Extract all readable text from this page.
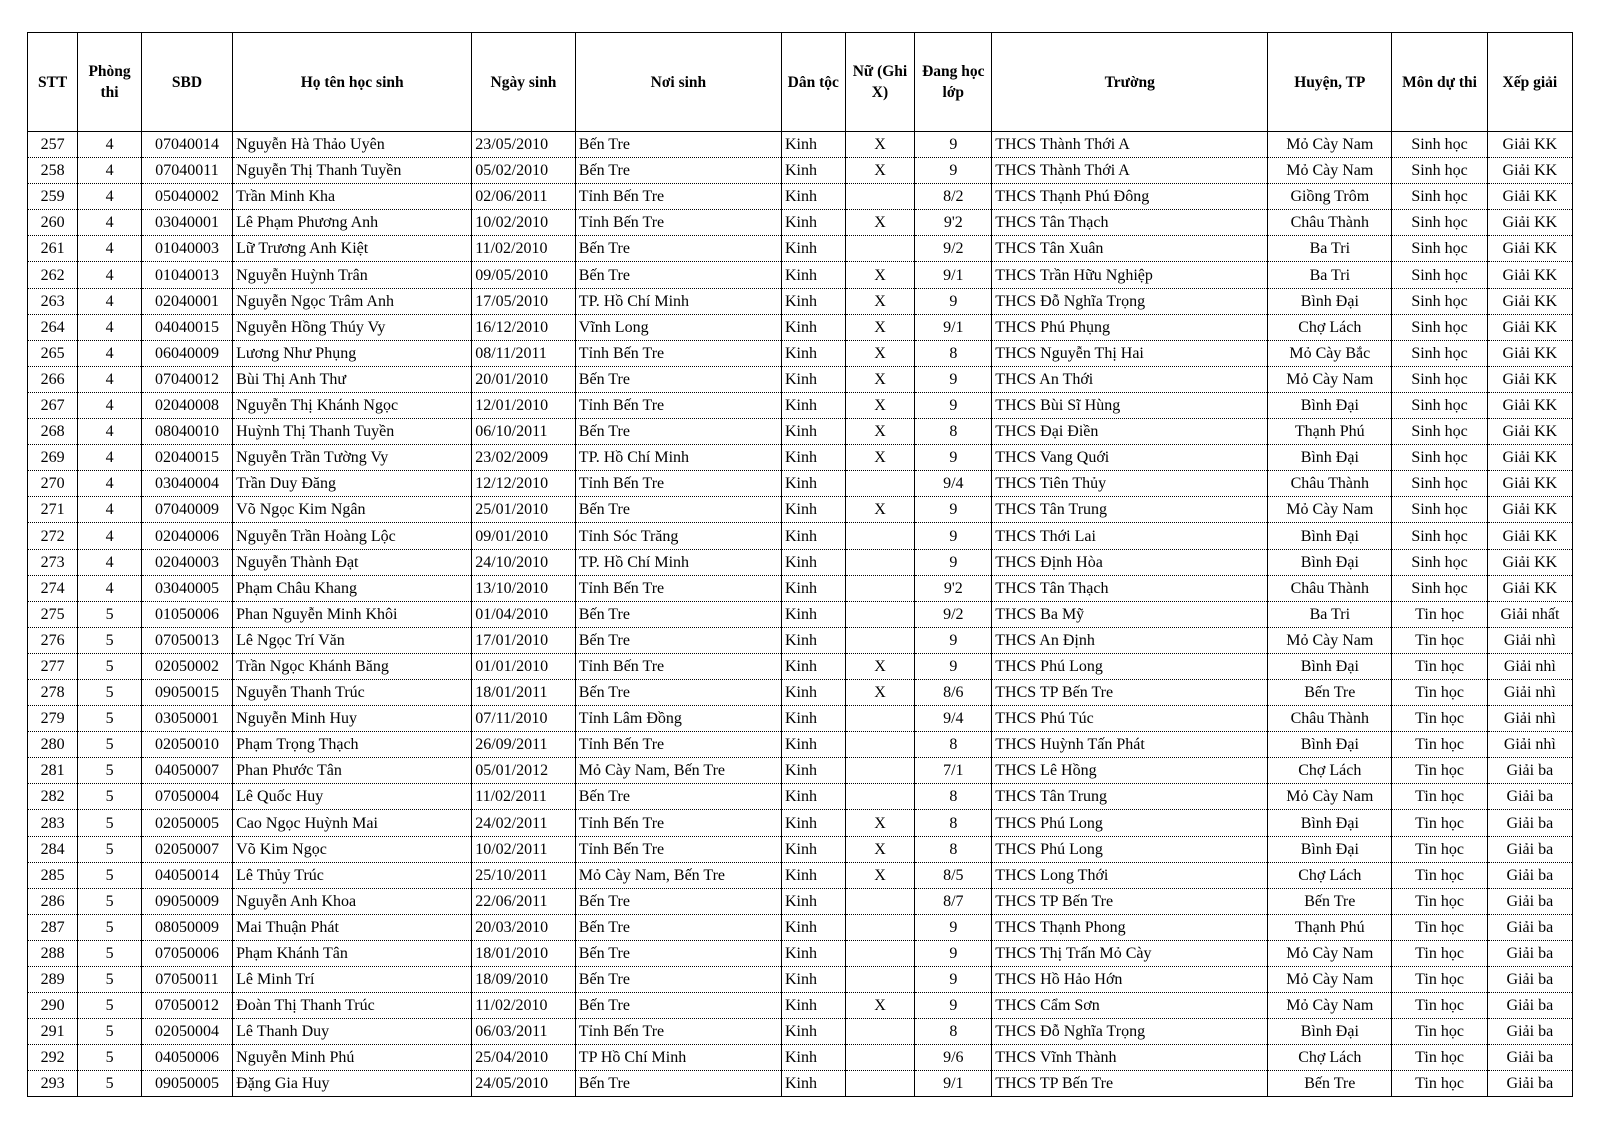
STT	Phòng thi	SBD	Họ tên học sinh	Ngày sinh	Nơi sinh	Dân tộc	Nữ (Ghi X)	Đang học lớp	Trường	Huyện, TP	Môn dự thi	Xếp giải
257	4	07040014	Nguyễn Hà Thảo Uyên	23/05/2010	Bến Tre	Kinh	X	9	THCS Thành Thới A	Mỏ Cày Nam	Sinh học	Giải KK
258	4	07040011	Nguyễn Thị Thanh Tuyền	05/02/2010	Bến Tre	Kinh	X	9	THCS Thành Thới A	Mỏ Cày Nam	Sinh học	Giải KK
259	4	05040002	Trần Minh Kha	02/06/2011	Tỉnh Bến Tre	Kinh		8/2	THCS Thạnh Phú Đông	Giồng Trôm	Sinh học	Giải KK
260	4	03040001	Lê Phạm Phương Anh	10/02/2010	Tỉnh Bến Tre	Kinh	X	9'2	THCS Tân Thạch	Châu Thành	Sinh học	Giải KK
261	4	01040003	Lữ Trương Anh Kiệt	11/02/2010	Bến Tre	Kinh		9/2	THCS Tân Xuân	Ba Tri	Sinh học	Giải KK
262	4	01040013	Nguyễn Huỳnh Trân	09/05/2010	Bến Tre	Kinh	X	9/1	THCS Trần Hữu Nghiệp	Ba Tri	Sinh học	Giải KK
263	4	02040001	Nguyễn Ngọc Trâm Anh	17/05/2010	TP. Hồ Chí Minh	Kinh	X	9	THCS Đỗ Nghĩa Trọng	Bình Đại	Sinh học	Giải KK
264	4	04040015	Nguyễn Hồng Thúy Vy	16/12/2010	Vĩnh Long	Kinh	X	9/1	THCS Phú Phụng	Chợ Lách	Sinh học	Giải KK
265	4	06040009	Lương Như Phụng	08/11/2011	Tỉnh Bến Tre	Kinh	X	8	THCS Nguyễn Thị Hai	Mỏ Cày Bắc	Sinh học	Giải KK
266	4	07040012	Bùi Thị Anh Thư	20/01/2010	Bến Tre	Kinh	X	9	THCS An Thới	Mỏ Cày Nam	Sinh học	Giải KK
267	4	02040008	Nguyễn Thị Khánh Ngọc	12/01/2010	Tỉnh Bến Tre	Kinh	X	9	THCS Bùi Sĩ Hùng	Bình Đại	Sinh học	Giải KK
268	4	08040010	Huỳnh Thị Thanh Tuyền	06/10/2011	Bến Tre	Kinh	X	8	THCS Đại Điền	Thạnh Phú	Sinh học	Giải KK
269	4	02040015	Nguyễn Trần Tường Vy	23/02/2009	TP. Hồ Chí Minh	Kinh	X	9	THCS Vang Quới	Bình Đại	Sinh học	Giải KK
270	4	03040004	Trần Duy Đăng	12/12/2010	Tỉnh Bến Tre	Kinh		9/4	THCS Tiên Thủy	Châu Thành	Sinh học	Giải KK
271	4	07040009	Võ Ngọc Kim Ngân	25/01/2010	Bến Tre	Kinh	X	9	THCS Tân Trung	Mỏ Cày Nam	Sinh học	Giải KK
272	4	02040006	Nguyễn Trần Hoàng Lộc	09/01/2010	Tỉnh Sóc Trăng	Kinh		9	THCS Thới Lai	Bình Đại	Sinh học	Giải KK
273	4	02040003	Nguyễn Thành Đạt	24/10/2010	TP. Hồ Chí Minh	Kinh		9	THCS Định Hòa	Bình Đại	Sinh học	Giải KK
274	4	03040005	Phạm Châu Khang	13/10/2010	Tỉnh Bến Tre	Kinh		9'2	THCS Tân Thạch	Châu Thành	Sinh học	Giải KK
275	5	01050006	Phan Nguyễn Minh Khôi	01/04/2010	Bến Tre	Kinh		9/2	THCS Ba Mỹ	Ba Tri	Tin học	Giải nhất
276	5	07050013	Lê Ngọc Trí Văn	17/01/2010	Bến Tre	Kinh		9	THCS An Định	Mỏ Cày Nam	Tin học	Giải nhì
277	5	02050002	Trần Ngọc Khánh Băng	01/01/2010	Tỉnh Bến Tre	Kinh	X	9	THCS Phú Long	Bình Đại	Tin học	Giải nhì
278	5	09050015	Nguyễn Thanh Trúc	18/01/2011	Bến Tre	Kinh	X	8/6	THCS TP Bến Tre	Bến Tre	Tin học	Giải nhì
279	5	03050001	Nguyễn Minh Huy	07/11/2010	Tỉnh Lâm Đồng	Kinh		9/4	THCS Phú Túc	Châu Thành	Tin học	Giải nhì
280	5	02050010	Phạm Trọng Thạch	26/09/2011	Tỉnh Bến Tre	Kinh		8	THCS Huỳnh Tấn Phát	Bình Đại	Tin học	Giải nhì
281	5	04050007	Phan Phước Tân	05/01/2012	Mỏ Cày Nam, Bến Tre	Kinh		7/1	THCS Lê Hồng	Chợ Lách	Tin học	Giải ba
282	5	07050004	Lê Quốc Huy	11/02/2011	Bến Tre	Kinh		8	THCS Tân Trung	Mỏ Cày Nam	Tin học	Giải ba
283	5	02050005	Cao Ngọc Huỳnh Mai	24/02/2011	Tỉnh Bến Tre	Kinh	X	8	THCS Phú Long	Bình Đại	Tin học	Giải ba
284	5	02050007	Võ Kim Ngọc	10/02/2011	Tỉnh Bến Tre	Kinh	X	8	THCS Phú Long	Bình Đại	Tin học	Giải ba
285	5	04050014	Lê Thủy Trúc	25/10/2011	Mỏ Cày Nam, Bến Tre	Kinh	X	8/5	THCS Long Thới	Chợ Lách	Tin học	Giải ba
286	5	09050009	Nguyễn Anh Khoa	22/06/2011	Bến Tre	Kinh		8/7	THCS TP Bến Tre	Bến Tre	Tin học	Giải ba
287	5	08050009	Mai Thuận Phát	20/03/2010	Bến Tre	Kinh		9	THCS Thạnh Phong	Thạnh Phú	Tin học	Giải ba
288	5	07050006	Phạm Khánh Tân	18/01/2010	Bến Tre	Kinh		9	THCS Thị Trấn Mỏ Cày	Mỏ Cày Nam	Tin học	Giải ba
289	5	07050011	Lê Minh Trí	18/09/2010	Bến Tre	Kinh		9	THCS Hồ Hảo Hớn	Mỏ Cày Nam	Tin học	Giải ba
290	5	07050012	Đoàn Thị Thanh Trúc	11/02/2010	Bến Tre	Kinh	X	9	THCS Cẩm Sơn	Mỏ Cày Nam	Tin học	Giải ba
291	5	02050004	Lê Thanh Duy	06/03/2011	Tỉnh Bến Tre	Kinh		8	THCS Đỗ Nghĩa Trọng	Bình Đại	Tin học	Giải ba
292	5	04050006	Nguyễn Minh Phú	25/04/2010	TP Hồ Chí Minh	Kinh		9/6	THCS Vĩnh Thành	Chợ Lách	Tin học	Giải ba
293	5	09050005	Đặng Gia Huy	24/05/2010	Bến Tre	Kinh		9/1	THCS TP Bến Tre	Bến Tre	Tin học	Giải ba
